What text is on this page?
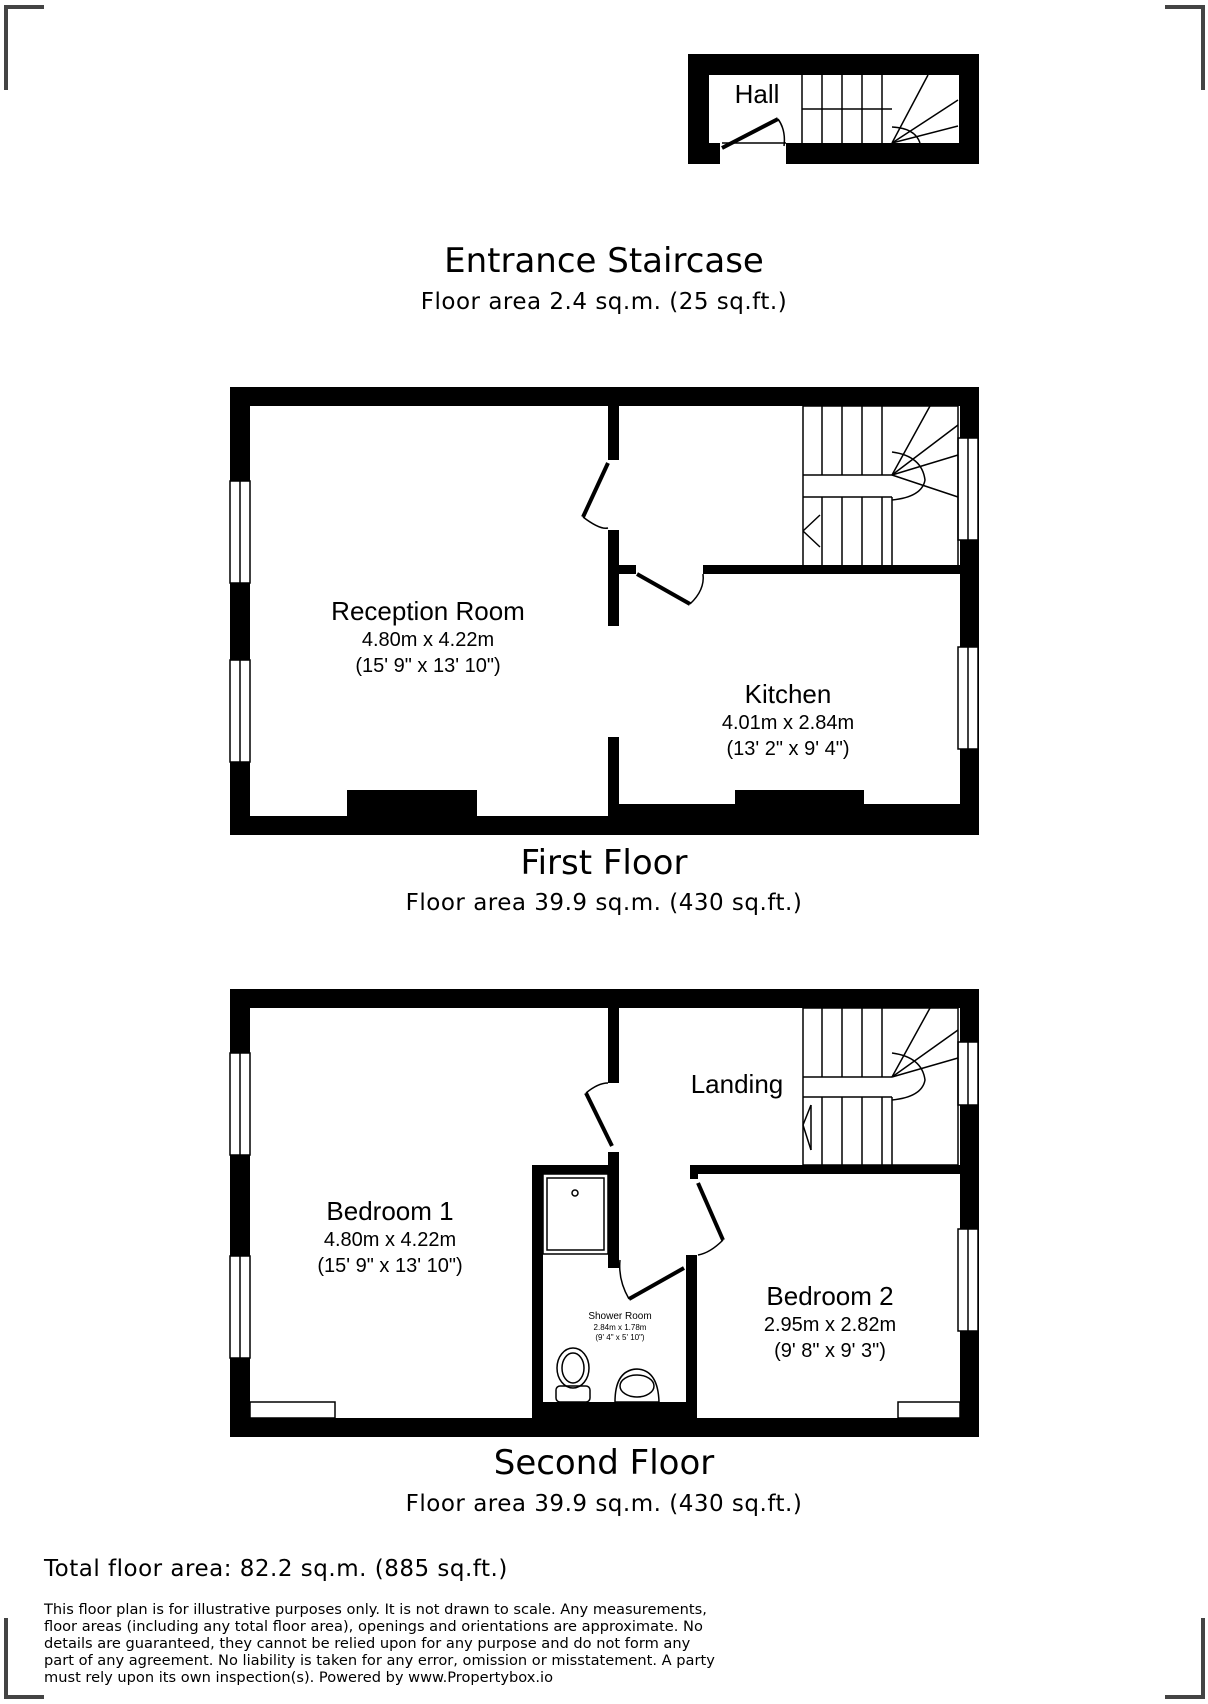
Hall
Entrance Staircase
Floor area 2.4 sq.m. (25 sq.ft.)
Reception Room
4.80m x 4.22m
(15' 9" x 13' 10")
Kitchen
4.01m x 2.84m
(13' 2" x 9' 4")
First Floor
Floor area 39.9 sq.m. (430 sq.ft.)
Landing
Bedroom 1
4.80m x 4.22m
(15' 9" x 13' 10")
Shower Room
2.84m x 1.78m
(9' 4" x 5' 10")
Bedroom 2
2.95m x 2.82m
(9' 8" x 9' 3")
Second Floor
Floor area 39.9 sq.m. (430 sq.ft.)
Total floor area: 82.2 sq.m. (885 sq.ft.)
This floor plan is for illustrative purposes only. It is not drawn to scale. Any measurements, floor areas (including any total floor area), openings and orientations are approximate. No details are guaranteed, they cannot be relied upon for any purpose and do not form any part of any agreement. No liability is taken for any error, omission or misstatement. A party must rely upon its own inspection(s). Powered by www.Propertybox.io
